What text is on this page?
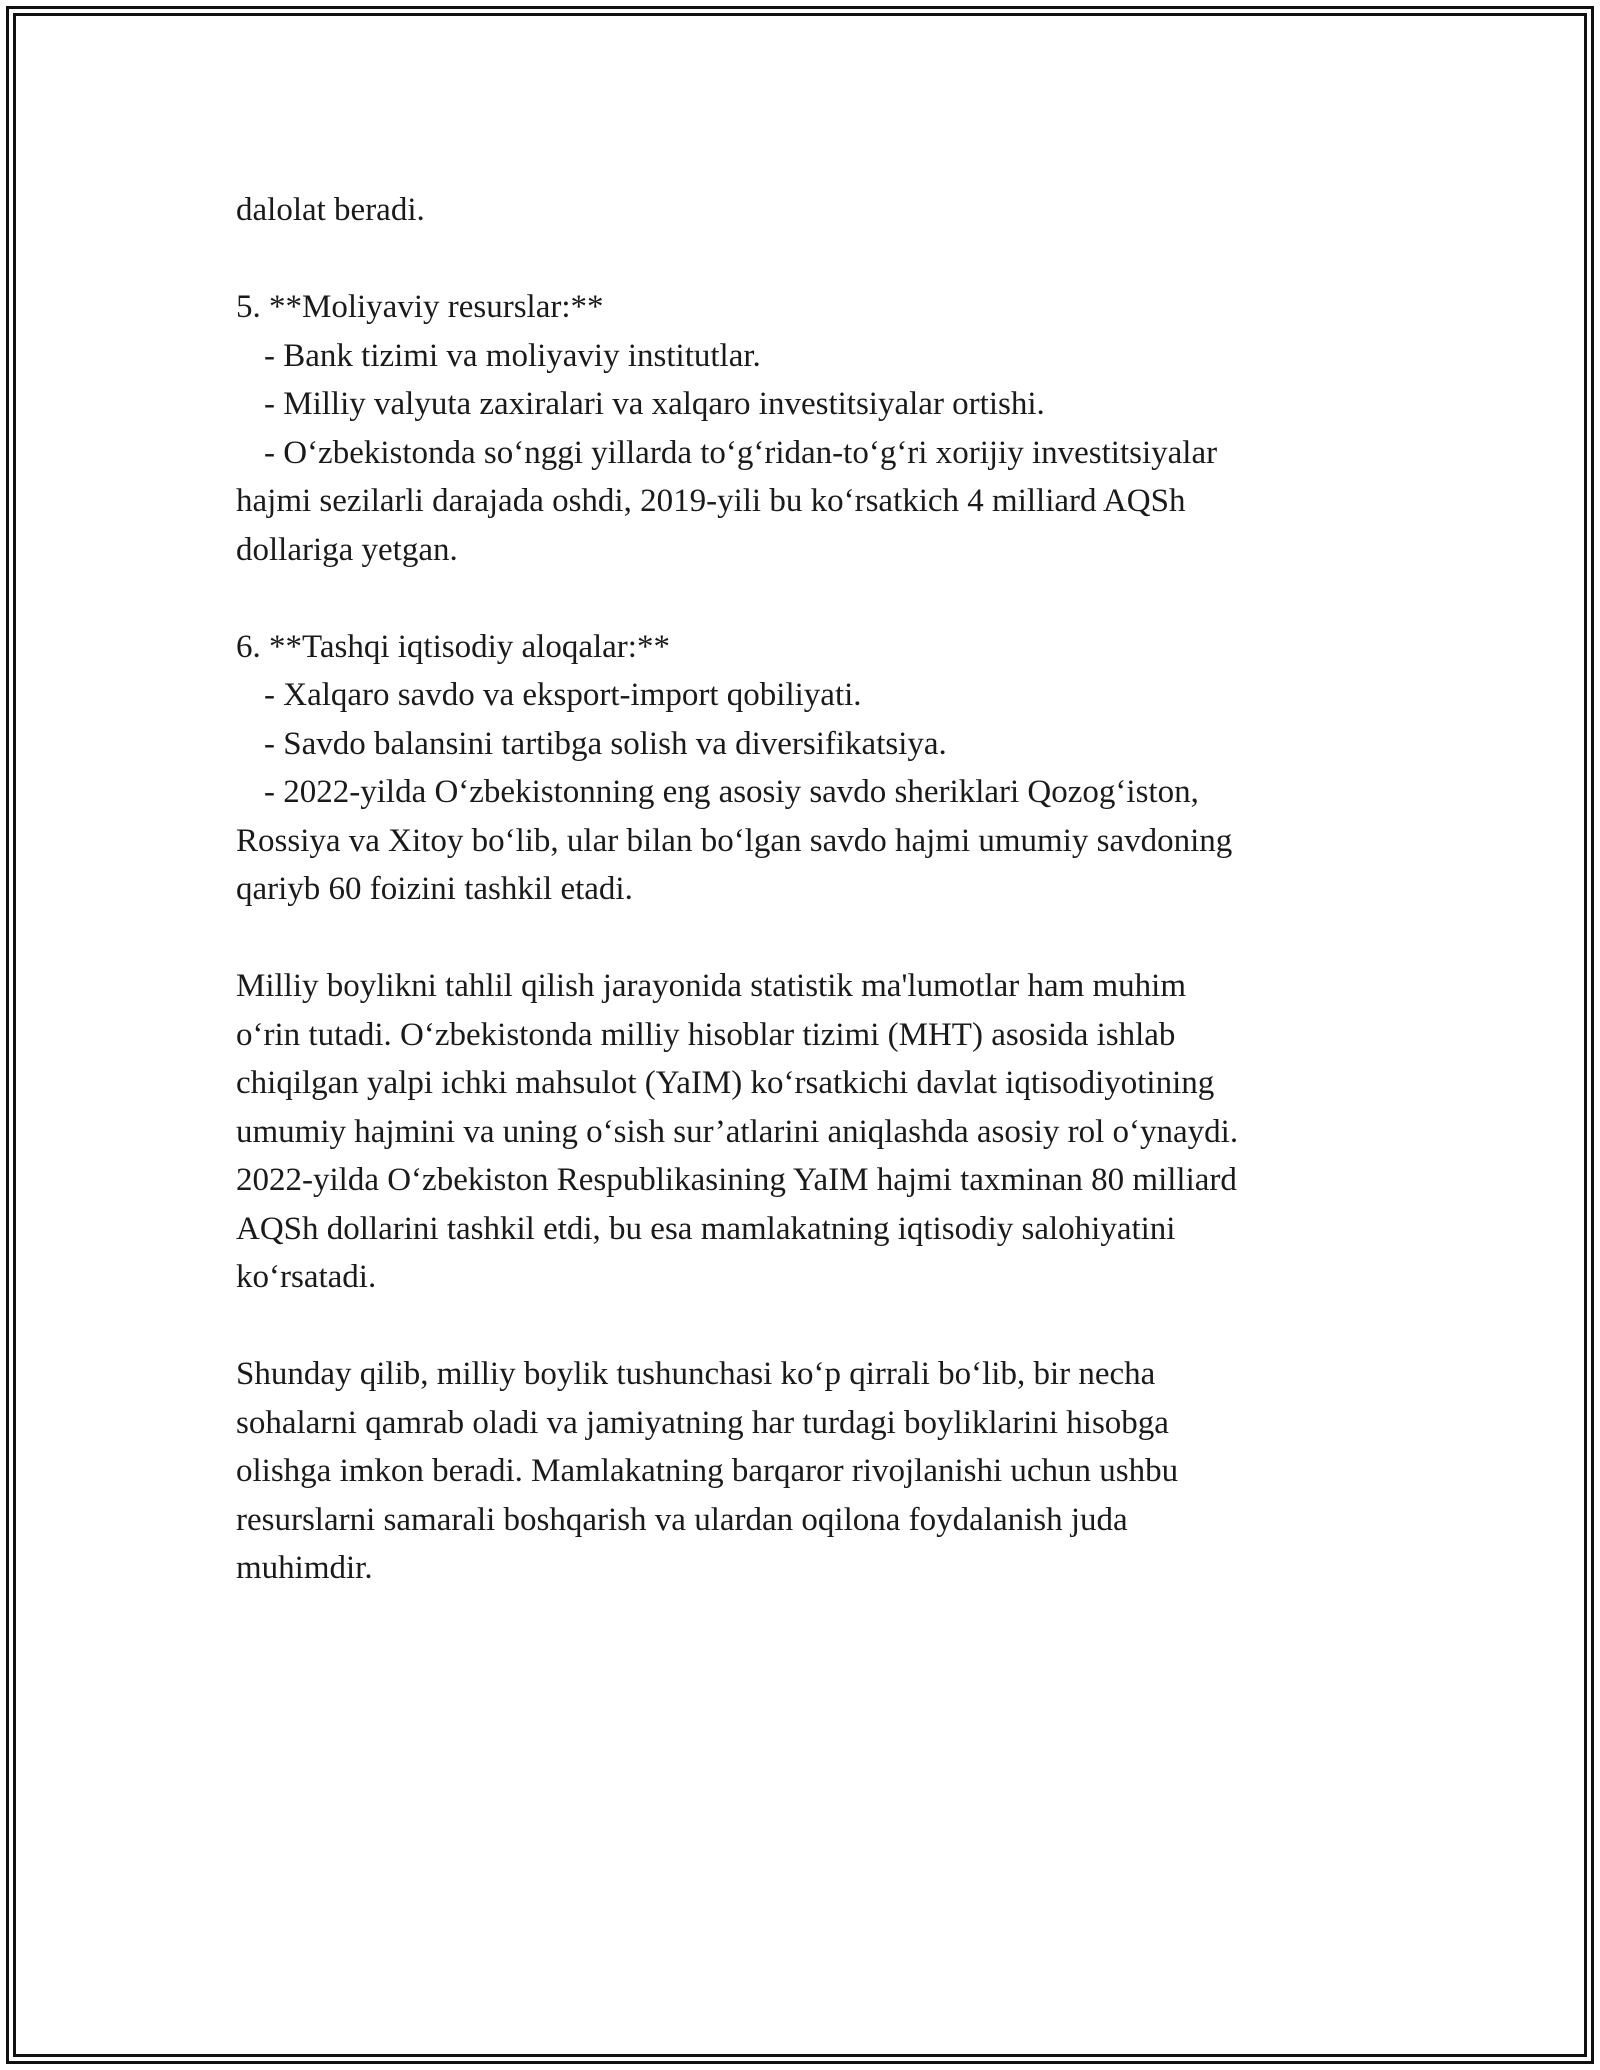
dalolat beradi.
5. **Moliyaviy resurslar:**
- Bank tizimi va moliyaviy institutlar.
- Milliy valyuta zaxiralari va xalqaro investitsiyalar ortishi.
- O‘zbekistonda so‘nggi yillarda to‘g‘ridan-to‘g‘ri xorijiy investitsiyalar
hajmi sezilarli darajada oshdi, 2019-yili bu ko‘rsatkich 4 milliard AQSh
dollariga yetgan.
6. **Tashqi iqtisodiy aloqalar:**
- Xalqaro savdo va eksport-import qobiliyati.
- Savdo balansini tartibga solish va diversifikatsiya.
- 2022-yilda O‘zbekistonning eng asosiy savdo sheriklari Qozog‘iston,
Rossiya va Xitoy bo‘lib, ular bilan bo‘lgan savdo hajmi umumiy savdoning
qariyb 60 foizini tashkil etadi.
Milliy boylikni tahlil qilish jarayonida statistik ma'lumotlar ham muhim
o‘rin tutadi. O‘zbekistonda milliy hisoblar tizimi (MHT) asosida ishlab
chiqilgan yalpi ichki mahsulot (YaIM) ko‘rsatkichi davlat iqtisodiyotining
umumiy hajmini va uning o‘sish sur’atlarini aniqlashda asosiy rol o‘ynaydi.
2022-yilda O‘zbekiston Respublikasining YaIM hajmi taxminan 80 milliard
AQSh dollarini tashkil etdi, bu esa mamlakatning iqtisodiy salohiyatini
ko‘rsatadi.
Shunday qilib, milliy boylik tushunchasi ko‘p qirrali bo‘lib, bir necha
sohalarni qamrab oladi va jamiyatning har turdagi boyliklarini hisobga
olishga imkon beradi. Mamlakatning barqaror rivojlanishi uchun ushbu
resurslarni samarali boshqarish va ulardan oqilona foydalanish juda
muhimdir.
